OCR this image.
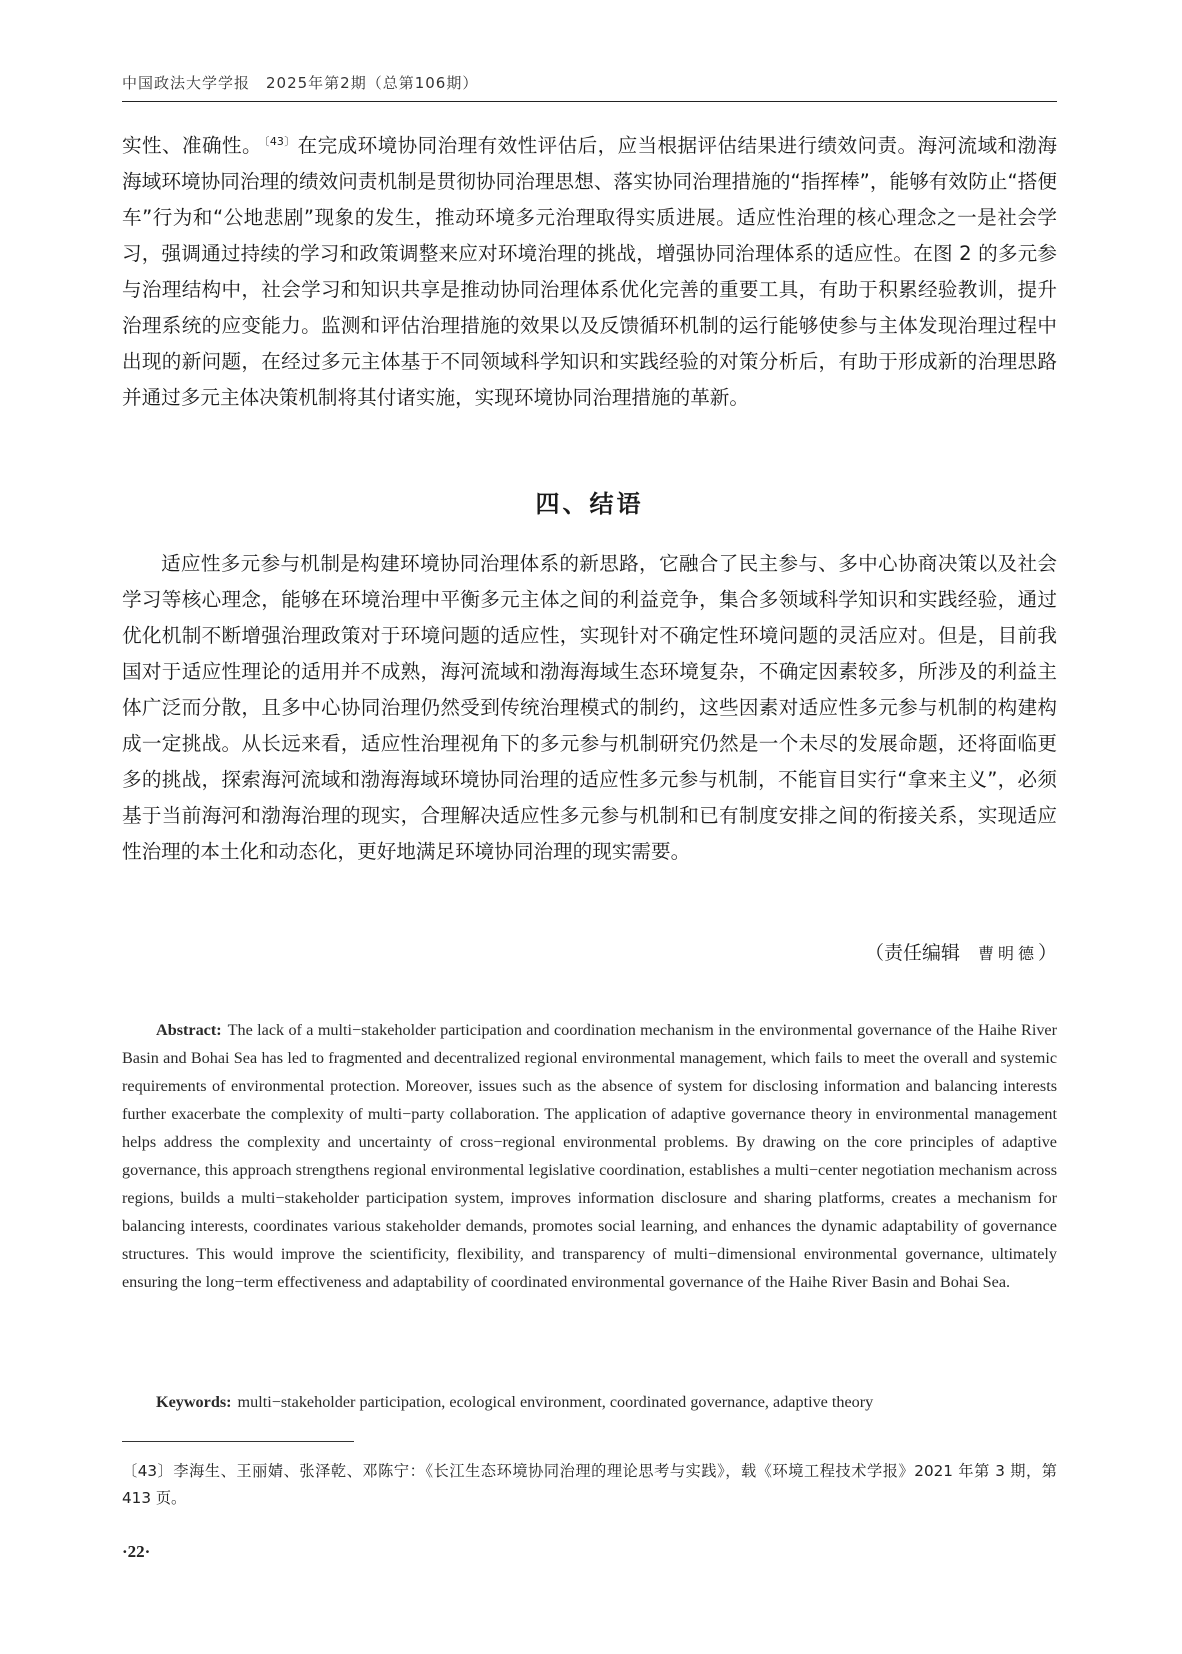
中国政法大学学报　2025年第2期（总第106期）

实性、准确性。 $^{〔43〕}$ 在完成环境协同治理有效性评估后，应当根据评估结果进行绩效问责。海河流域和渤海海域环境协同治理的绩效问责机制是贯彻协同治理思想、落实协同治理措施的“指挥棒”，能够有效防止“搭便车”行为和“公地悲剧”现象的发生，推动环境多元治理取得实质进展。适应性治理的核心理念之一是社会学习，强调通过持续的学习和政策调整来应对环境治理的挑战，增强协同治理体系的适应性。在图 2 的多元参与治理结构中，社会学习和知识共享是推动协同治理体系优化完善的重要工具，有助于积累经验教训，提升治理系统的应变能力。监测和评估治理措施的效果以及反馈循环机制的运行能够使参与主体发现治理过程中出现的新问题，在经过多元主体基于不同领域科学知识和实践经验的对策分析后，有助于形成新的治理思路并通过多元主体决策机制将其付诸实施，实现环境协同治理措施的革新。

四、结语

适应性多元参与机制是构建环境协同治理体系的新思路，它融合了民主参与、多中心协商决策以及社会学习等核心理念，能够在环境治理中平衡多元主体之间的利益竞争，集合多领域科学知识和实践经验，通过优化机制不断增强治理政策对于环境问题的适应性，实现针对不确定性环境问题的灵活应对。但是，目前我国对于适应性理论的适用并不成熟，海河流域和渤海海域生态环境复杂，不确定因素较多，所涉及的利益主体广泛而分散，且多中心协同治理仍然受到传统治理模式的制约，这些因素对适应性多元参与机制的构建构成一定挑战。从长远来看，适应性治理视角下的多元参与机制研究仍然是一个未尽的发展命题，还将面临更多的挑战，探索海河流域和渤海海域环境协同治理的适应性多元参与机制，不能盲目实行“拿来主义”，必须基于当前海河和渤海治理的现实，合理解决适应性多元参与机制和已有制度安排之间的衔接关系，实现适应性治理的本土化和动态化，更好地满足环境协同治理的现实需要。

（责任编辑 曹明德）

Abstract: The lack of a multi−stakeholder participation and coordination mechanism in the environmental governance of the Haihe River Basin and Bohai Sea has led to fragmented and decentralized regional environmental management, which fails to meet the overall and systemic requirements of environmental protection. Moreover, issues such as the absence of system for disclosing information and balancing interests further exacerbate the complexity of multi−party collaboration. The application of adaptive governance theory in environmental management helps address the complexity and uncertainty of cross−regional environmental problems. By drawing on the core principles of adaptive governance, this approach strengthens regional environmental legislative coordination, establishes a multi−center negotiation mechanism across regions, builds a multi−stakeholder participation system, improves information disclosure and sharing platforms, creates a mechanism for balancing interests, coordinates various stakeholder demands, promotes social learning, and enhances the dynamic adaptability of governance structures. This would improve the scientificity, flexibility, and transparency of multi−dimensional environmental governance, ultimately ensuring the long−term effectiveness and adaptability of coordinated environmental governance of the Haihe River Basin and Bohai Sea.

Keywords: multi−stakeholder participation, ecological environment, coordinated governance, adaptive theory

〔43〕李海生、王丽婧、张泽乾、邓陈宁：《长江生态环境协同治理的理论思考与实践》，载《环境工程技术学报》2021 年第 3 期，第 413 页。

·22·
